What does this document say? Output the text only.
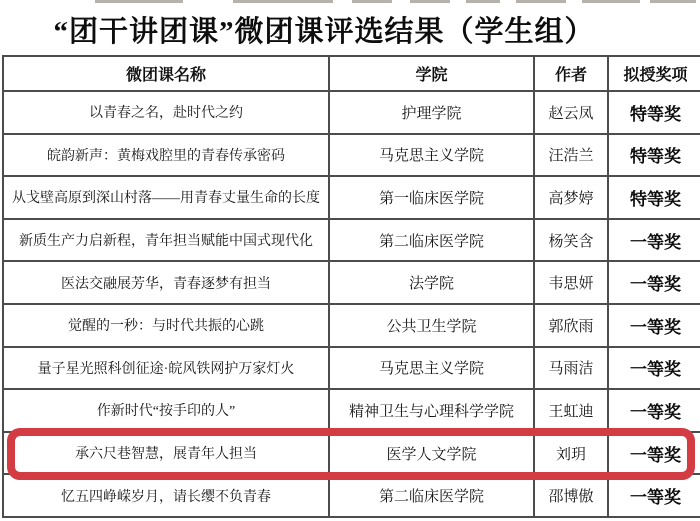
“团干讲团课”微团课评选结果（学生组）
微团课名称	学院	作者	拟授奖项
以青春之名，赴时代之约	护理学院	赵云凤	特等奖
皖韵新声：黄梅戏腔里的青春传承密码	马克思主义学院	汪浩兰	特等奖
从戈壁高原到深山村落——用青春丈量生命的长度	第一临床医学院	高梦婷	特等奖
新质生产力启新程，青年担当赋能中国式现代化	第二临床医学院	杨笑含	一等奖
医法交融展芳华，青春逐梦有担当	法学院	韦思妍	一等奖
觉醒的一秒：与时代共振的心跳	公共卫生学院	郭欣雨	一等奖
量子星光照科创征途·皖风铁网护万家灯火	马克思主义学院	马雨洁	一等奖
作新时代“按手印的人”	精神卫生与心理科学学院	王虹迪	一等奖
承六尺巷智慧，展青年人担当	医学人文学院	刘玥	一等奖
忆五四峥嵘岁月，请长缨不负青春	第二临床医学院	邵博傲	一等奖
